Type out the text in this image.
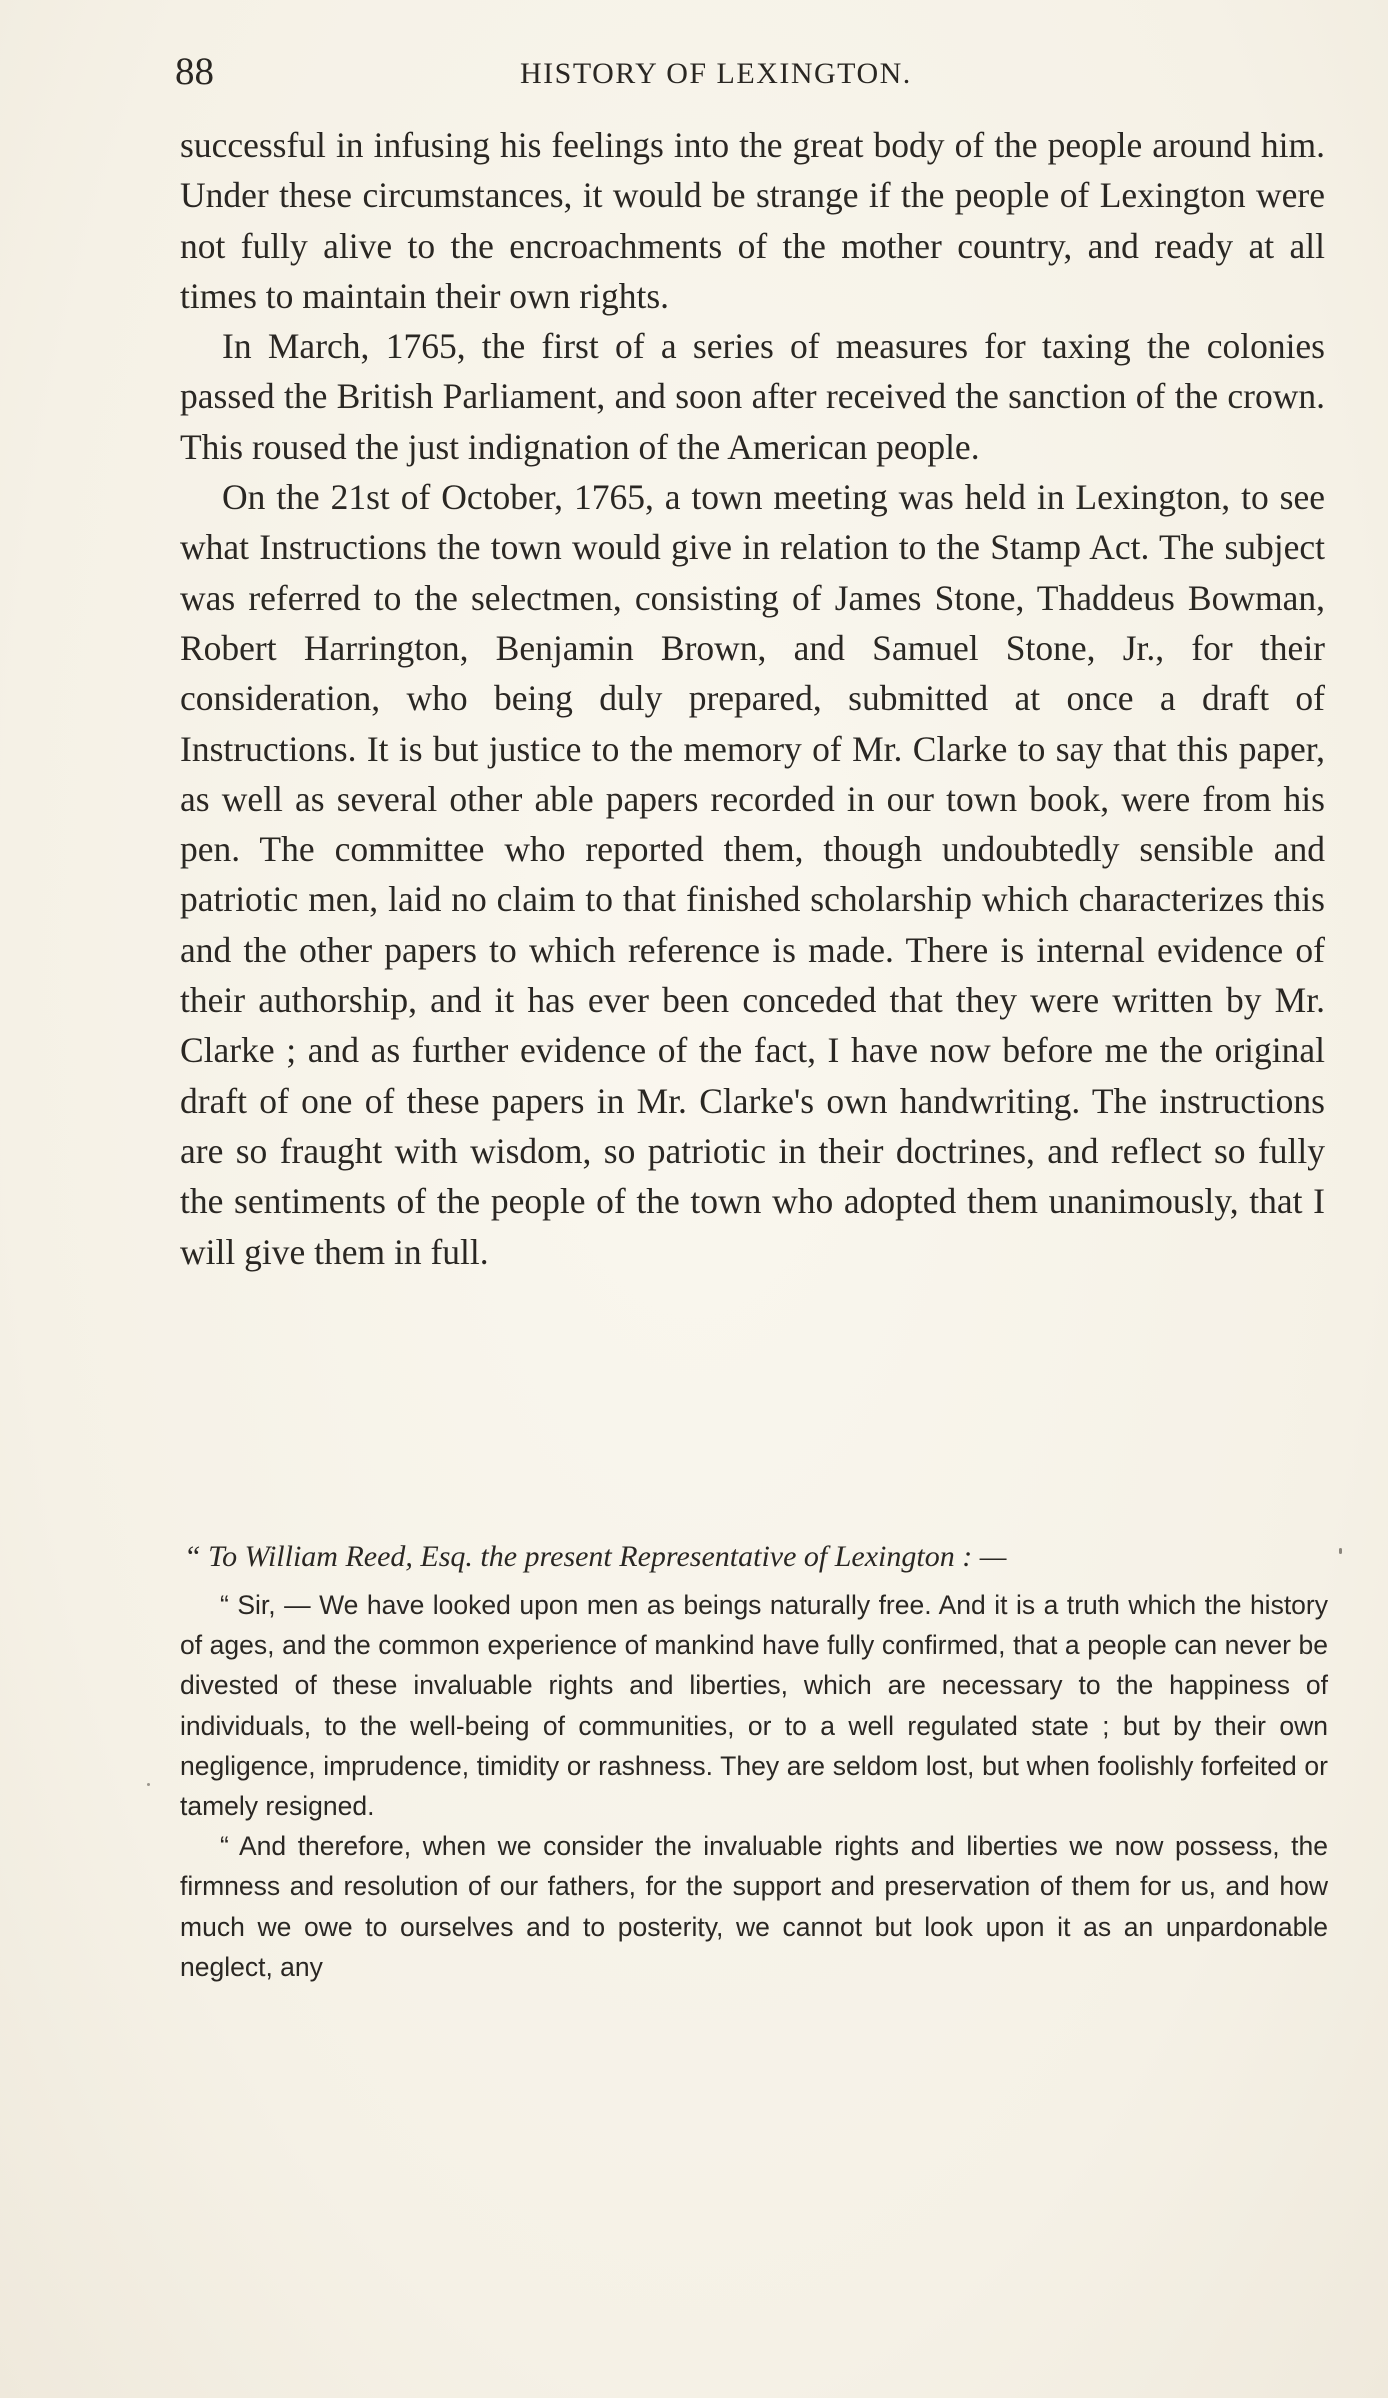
88	HISTORY OF LEXINGTON.

successful in infusing his feelings into the great body of the people around him. Under these circumstances, it would be strange if the people of Lexington were not fully alive to the encroachments of the mother country, and ready at all times to maintain their own rights.

In March, 1765, the first of a series of measures for taxing the colonies passed the British Parliament, and soon after received the sanction of the crown. This roused the just indignation of the American people.

On the 21st of October, 1765, a town meeting was held in Lexington, to see what Instructions the town would give in relation to the Stamp Act. The subject was referred to the selectmen, consisting of James Stone, Thaddeus Bowman, Robert Harrington, Benjamin Brown, and Samuel Stone, Jr., for their consideration, who being duly prepared, submitted at once a draft of Instructions. It is but justice to the memory of Mr. Clarke to say that this paper, as well as several other able papers recorded in our town book, were from his pen. The committee who reported them, though undoubtedly sensible and patriotic men, laid no claim to that finished scholarship which characterizes this and the other papers to which reference is made. There is internal evidence of their authorship, and it has ever been conceded that they were written by Mr. Clarke ; and as further evidence of the fact, I have now before me the original draft of one of these papers in Mr. Clarke's own handwriting. The instructions are so fraught with wisdom, so patriotic in their doctrines, and reflect so fully the sentiments of the people of the town who adopted them unanimously, that I will give them in full.

“ To William Reed, Esq. the present Representative of Lexington : —

“ Sir, — We have looked upon men as beings naturally free. And it is a truth which the history of ages, and the common experience of mankind have fully confirmed, that a people can never be divested of these invaluable rights and liberties, which are necessary to the happiness of individuals, to the well-being of communities, or to a well regulated state ; but by their own negligence, imprudence, timidity or rashness. They are seldom lost, but when foolishly forfeited or tamely resigned.

“ And therefore, when we consider the invaluable rights and liberties we now possess, the firmness and resolution of our fathers, for the support and preservation of them for us, and how much we owe to ourselves and to posterity, we cannot but look upon it as an unpardonable neglect, any
